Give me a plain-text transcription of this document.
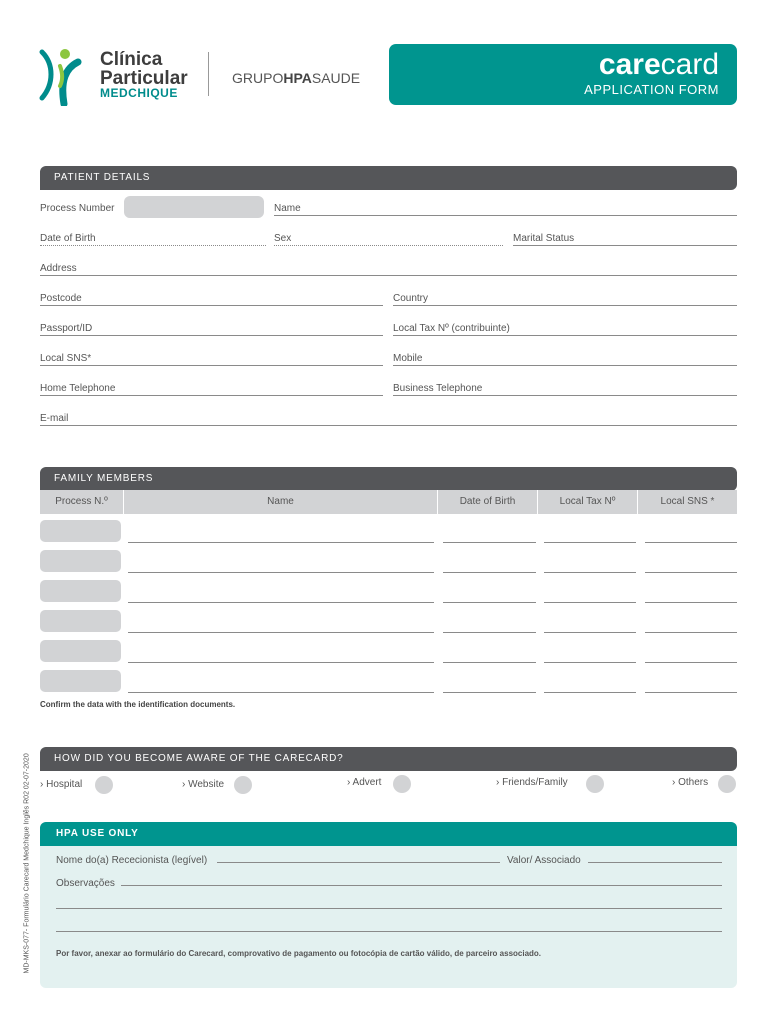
Clínica
Particular
MEDCHIQUE
GRUPOHPASAUDE	carecard
APPLICATION FORM
PATIENT DETAILS
Process Number	Name
Date of Birth	Sex	Marital Status
Address
Postcode	Country
Passport/ID	Local Tax Nº (contribuinte)
Local SNS*	Mobile
Home Telephone	Business Telephone
E-mail
FAMILY MEMBERS
Process N.º	Name	Date of Birth	Local Tax Nº	Local SNS *
Confirm the data with the identification documents.
HOW DID YOU BECOME AWARE OF THE CARECARD?
› Hospital	› Website	› Advert	› Friends/Family	› Others
HPA USE ONLY
Nome do(a) Rececionista (legível)	Valor/ Associado
Observações
Por favor, anexar ao formulário do Carecard, comprovativo de pagamento ou fotocópia de cartão válido, de parceiro associado.
MD-MKS-077- Formulário Carecard Medchique Inglês R02 02-07-2020
